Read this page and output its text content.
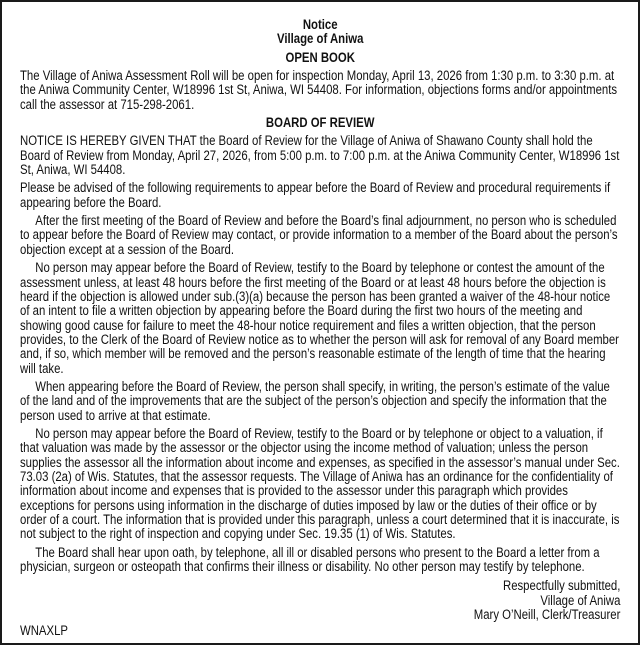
Notice
Village of Aniwa
OPEN BOOK

The Village of Aniwa Assessment Roll will be open for inspection Monday, April 13, 2026 from 1:30 p.m. to 3:30 p.m. at the Aniwa Community Center, W18996 1st St, Aniwa, WI 54408. For information, objections forms and/or appointments call the assessor at 715-298-2061.

BOARD OF REVIEW

NOTICE IS HEREBY GIVEN THAT the Board of Review for the Village of Aniwa of Shawano County shall hold the Board of Review from Monday, April 27, 2026, from 5:00 p.m. to 7:00 p.m. at the Aniwa Community Center, W18996 1st St, Aniwa, WI 54408.

Please be advised of the following requirements to appear before the Board of Review and procedural requirements if appearing before the Board.

After the first meeting of the Board of Review and before the Board’s final adjournment, no person who is scheduled to appear before the Board of Review may contact, or provide information to a member of the Board about the person’s objection except at a session of the Board.

No person may appear before the Board of Review, testify to the Board by telephone or contest the amount of the assessment unless, at least 48 hours before the first meeting of the Board or at least 48 hours before the objection is heard if the objection is allowed under sub.(3)(a) because the person has been granted a waiver of the 48-hour notice of an intent to file a written objection by appearing before the Board during the first two hours of the meeting and showing good cause for failure to meet the 48-hour notice requirement and files a written objection, that the person provides, to the Clerk of the Board of Review notice as to whether the person will ask for removal of any Board member and, if so, which member will be removed and the person’s reasonable estimate of the length of time that the hearing will take.

When appearing before the Board of Review, the person shall specify, in writing, the person’s estimate of the value of the land and of the improvements that are the subject of the person’s objection and specify the information that the person used to arrive at that estimate.

No person may appear before the Board of Review, testify to the Board or by telephone or object to a valuation, if that valuation was made by the assessor or the objector using the income method of valuation; unless the person supplies the assessor all the information about income and expenses, as specified in the assessor’s manual under Sec. 73.03 (2a) of Wis. Statutes, that the assessor requests. The Village of Aniwa has an ordinance for the confidentiality of information about income and expenses that is provided to the assessor under this paragraph which provides exceptions for persons using information in the discharge of duties imposed by law or the duties of their office or by order of a court. The information that is provided under this paragraph, unless a court determined that it is inaccurate, is not subject to the right of inspection and copying under Sec. 19.35 (1) of Wis. Statutes.

The Board shall hear upon oath, by telephone, all ill or disabled persons who present to the Board a letter from a physician, surgeon or osteopath that confirms their illness or disability. No other person may testify by telephone.

Respectfully submitted,
Village of Aniwa
Mary O’Neill, Clerk/Treasurer
WNAXLP
